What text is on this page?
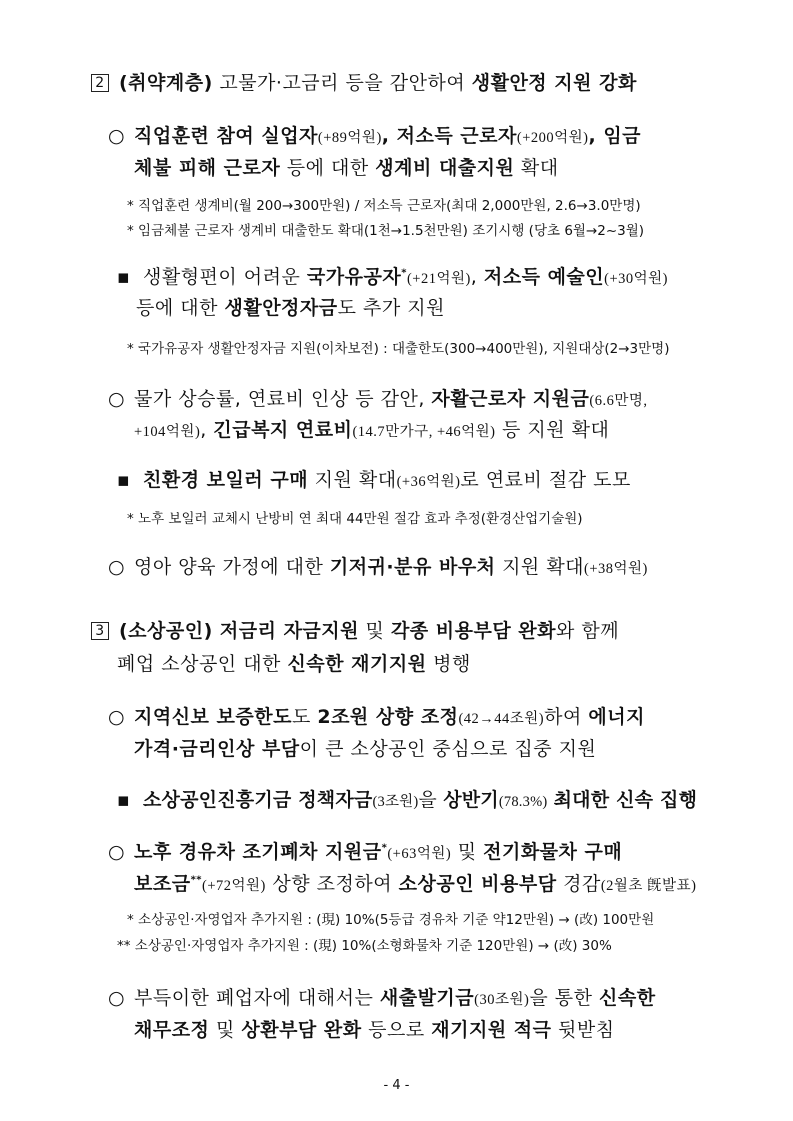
2 (취약계층) 고물가·고금리 등을 감안하여 생활안정 지원 강화
○ 직업훈련 참여 실업자(+89억원), 저소득 근로자(+200억원), 임금
체불 피해 근로자 등에 대한 생계비 대출지원 확대
* 직업훈련 생계비(월 200→300만원) / 저소득 근로자(최대 2,000만원, 2.6→3.0만명)
* 임금체불 근로자 생계비 대출한도 확대(1천→1.5천만원) 조기시행 (당초 6월→2~3월)
▪ 생활형편이 어려운 국가유공자*(+21억원), 저소득 예술인(+30억원)
등에 대한 생활안정자금도 추가 지원
* 국가유공자 생활안정자금 지원(이차보전) : 대출한도(300→400만원), 지원대상(2→3만명)
○ 물가 상승률, 연료비 인상 등 감안, 자활근로자 지원금(6.6만명,
+104억원), 긴급복지 연료비(14.7만가구, +46억원) 등 지원 확대
▪ 친환경 보일러 구매 지원 확대(+36억원)로 연료비 절감 도모
* 노후 보일러 교체시 난방비 연 최대 44만원 절감 효과 추정(환경산업기술원)
○ 영아 양육 가정에 대한 기저귀·분유 바우처 지원 확대(+38억원)
3 (소상공인) 저금리 자금지원 및 각종 비용부담 완화와 함께
폐업 소상공인 대한 신속한 재기지원 병행
○ 지역신보 보증한도도 2조원 상향 조정(42→44조원)하여 에너지
가격·금리인상 부담이 큰 소상공인 중심으로 집중 지원
▪ 소상공인진흥기금 정책자금(3조원)을 상반기(78.3%) 최대한 신속 집행
○ 노후 경유차 조기폐차 지원금*(+63억원) 및 전기화물차 구매
보조금**(+72억원) 상향 조정하여 소상공인 비용부담 경감(2월초 旣발표)
* 소상공인·자영업자 추가지원 : (現) 10%(5등급 경유차 기준 약12만원) → (改) 100만원
** 소상공인·자영업자 추가지원 : (現) 10%(소형화물차 기준 120만원) → (改) 30%
○ 부득이한 폐업자에 대해서는 새출발기금(30조원)을 통한 신속한
채무조정 및 상환부담 완화 등으로 재기지원 적극 뒷받침
- 4 -
